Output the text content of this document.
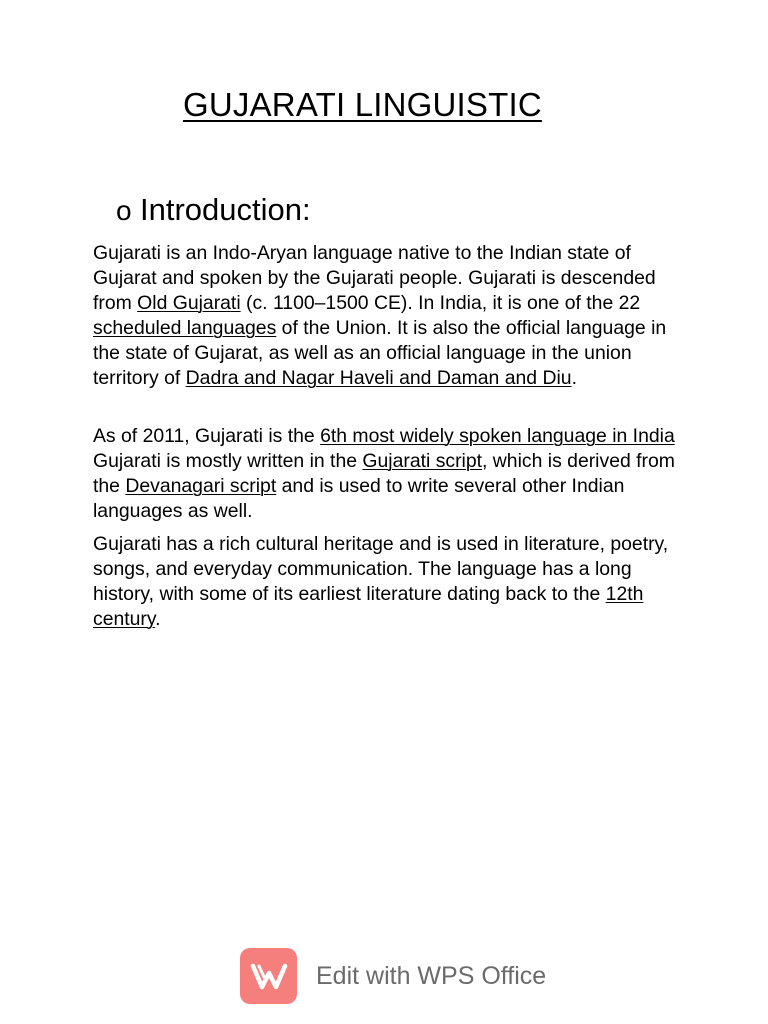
GUJARATI LINGUISTIC
o Introduction:

Gujarati is an Indo-Aryan language native to the Indian state of Gujarat and spoken by the Gujarati people. Gujarati is descended from Old Gujarati (c. 1100–1500 CE). In India, it is one of the 22 scheduled languages of the Union. It is also the official language in the state of Gujarat, as well as an official language in the union territory of Dadra and Nagar Haveli and Daman and Diu.

As of 2011, Gujarati is the 6th most widely spoken language in India Gujarati is mostly written in the Gujarati script, which is derived from the Devanagari script and is used to write several other Indian languages as well.

Gujarati has a rich cultural heritage and is used in literature, poetry, songs, and everyday communication. The language has a long history, with some of its earliest literature dating back to the 12th century.

Edit with WPS Office
